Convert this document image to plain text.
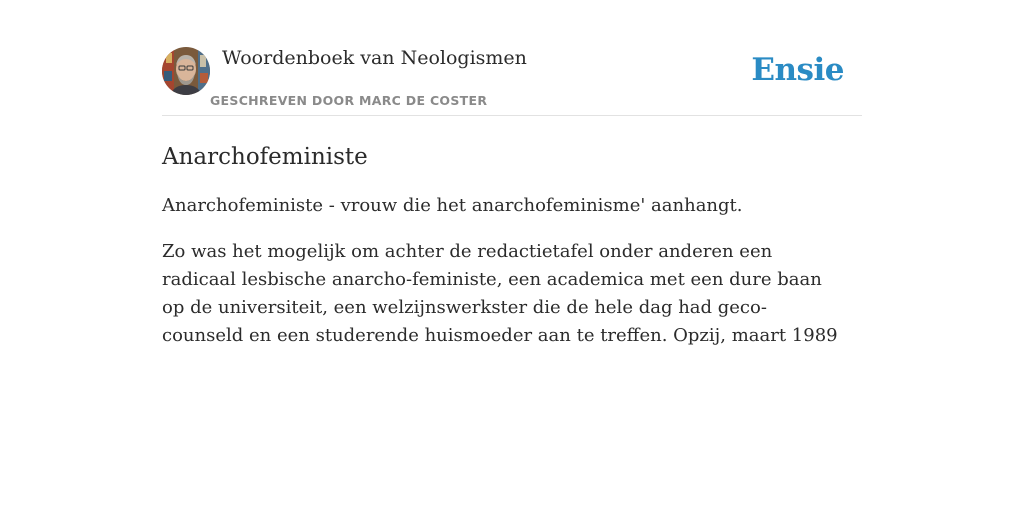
Woordenboek van Neologismen
GESCHREVEN DOOR MARC DE COSTER
Ensie
Anarchofeministe

Anarchofeministe - vrouw die het anarchofeminisme' aanhangt.

Zo was het mogelijk om achter de redactietafel onder anderen een radicaal lesbische anarcho-feministe, een academica met een dure baan op de universiteit, een welzijnswerkster die de hele dag had geco-counseld en een studerende huismoeder aan te treffen. Opzij, maart 1989
